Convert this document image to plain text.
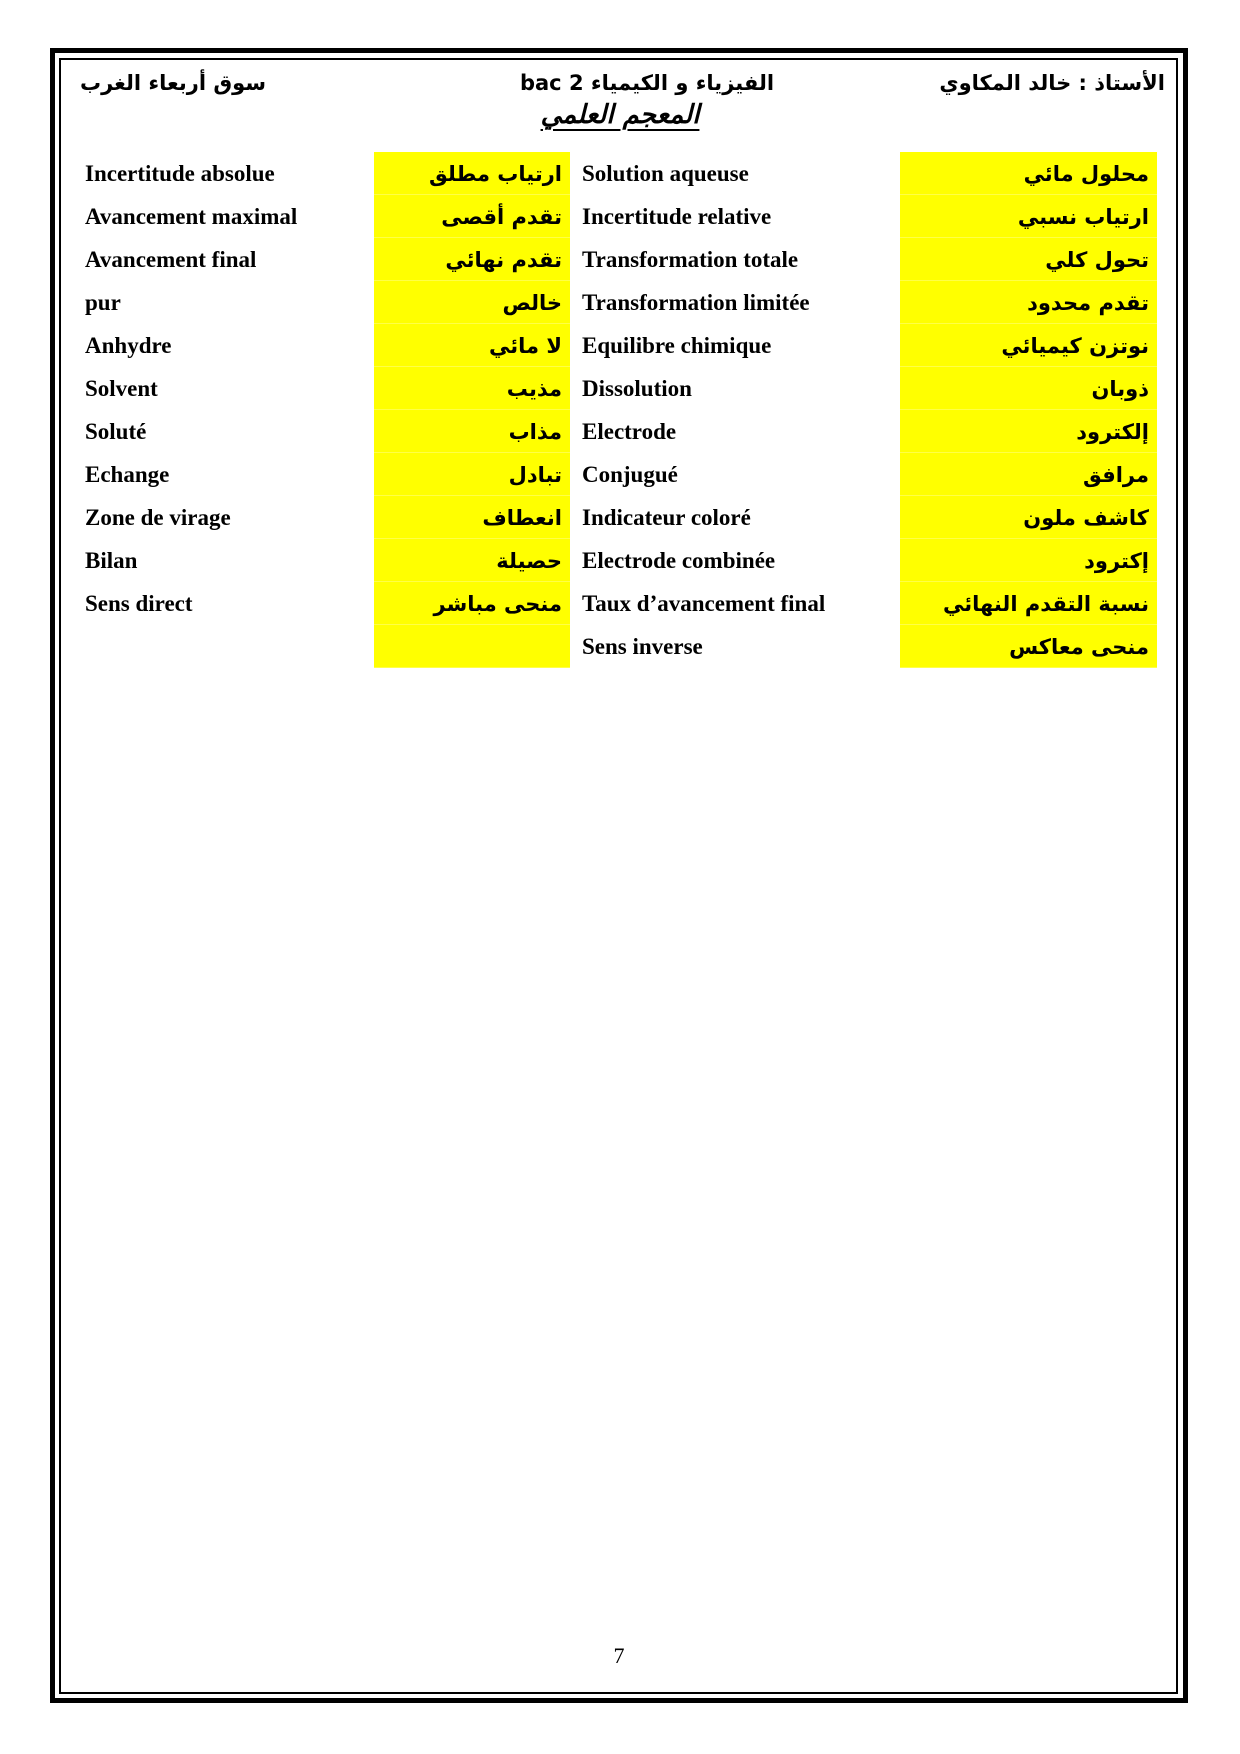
الأستاذ : خالد المكاوي
الفيزياء و الكيمياء 2 bac
سوق أربعاء الغرب
المعجم العلمي
Incertitude absolue	ارتياب مطلق Solution aqueuse	محلول مائي
Avancement maximal	تقدم أقصى Incertitude relative	ارتياب نسبي
Avancement final	تقدم نهائي Transformation totale	تحول كلي
pur	خالص Transformation limitée	تقدم محدود
Anhydre	لا مائي Equilibre chimique	نوتزن كيميائي
Solvent	مذيب Dissolution	ذوبان
Soluté	مذاب Electrode	إلكترود
Echange	تبادل Conjugué	مرافق
Zone de virage	انعطاف Indicateur coloré	كاشف ملون
Bilan	حصيلة Electrode combinée	إكترود
Sens direct	منحى مباشر Taux d’avancement final	نسبة التقدم النهائي
Sens inverse	منحى معاكس
7
